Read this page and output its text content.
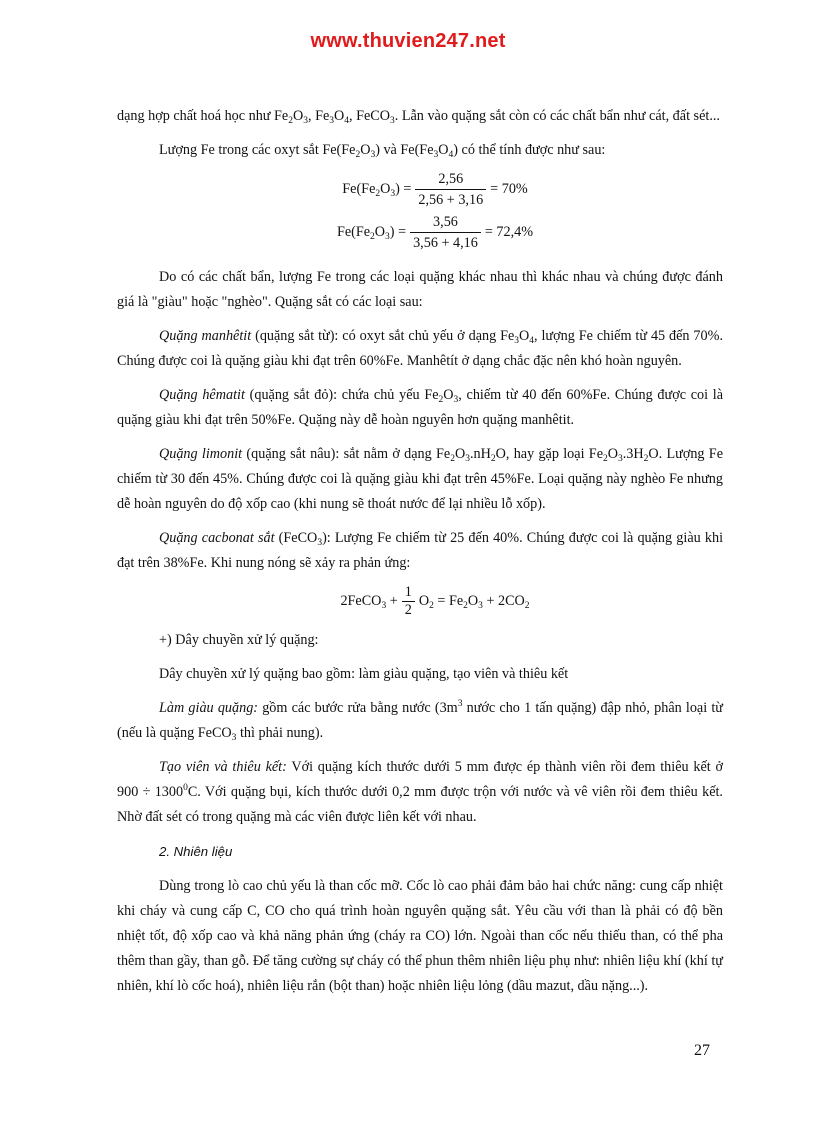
www.thuvien247.net

dạng hợp chất hoá học như $Fe_2O_3$, $Fe_3O_4$, FeCO$_3$. Lẫn vào quặng sắt còn có các chất bẩn như cát, đất sét...

Lượng Fe trong các oxyt sắt $Fe(Fe_2O_3)$ và $Fe(Fe_3O_4)$ có thể tính được như sau:

$Fe(Fe_2O_3) = \frac{2,56}{2,56 + 3,16} = 70\%$
$Fe(Fe_2O_3) = \frac{3,56}{3,56 + 4,16} = 72,4\%$

Do có các chất bẩn, lượng Fe trong các loại quặng khác nhau thì khác nhau và chúng được đánh giá là "giàu" hoặc "nghèo". Quặng sắt có các loại sau:

Quặng manhêtit (quặng sắt từ): có oxyt sắt chủ yếu ở dạng $Fe_3O_4$, lượng Fe chiếm từ 45 đến 70%. Chúng được coi là quặng giàu khi đạt trên 60%Fe. Manhêtít ở dạng chắc đặc nên khó hoàn nguyên.

Quặng hêmatit (quặng sắt đỏ): chứa chủ yếu $Fe_2O_3$, chiếm từ 40 đến 60%Fe. Chúng được coi là quặng giàu khi đạt trên 50%Fe. Quặng này dễ hoàn nguyên hơn quặng manhêtit.

Quặng limonit (quặng sắt nâu): sắt nằm ở dạng $Fe_2O_3.nH_2O$, hay gặp loại $Fe_2O_3.3H_2O$. Lượng Fe chiếm từ 30 đến 45%. Chúng được coi là quặng giàu khi đạt trên 45%Fe. Loại quặng này nghèo Fe nhưng dễ hoàn nguyên do độ xốp cao (khi nung sẽ thoát nước để lại nhiều lỗ xốp).

Quặng cacbonat sắt (FeCO$_3$): Lượng Fe chiếm từ 25 đến 40%. Chúng được coi là quặng giàu khi đạt trên 38%Fe. Khi nung nóng sẽ xảy ra phản ứng:

2FeCO$_3$ + $\frac{1}{2} O_2 = Fe_2O_3 + 2CO_2$

+) Dây chuyền xử lý quặng:

Dây chuyền xử lý quặng bao gồm: làm giàu quặng, tạo viên và thiêu kết

Làm giàu quặng: gồm các bước rửa bằng nước ($3m^3$ nước cho 1 tấn quặng) đập nhỏ, phân loại từ (nếu là quặng FeCO$_3$ thì phải nung).

Tạo viên và thiêu kết: Với quặng kích thước dưới 5 mm được ép thành viên rồi đem thiêu kết ở $900 \div 1300^0C$. Với quặng bụi, kích thước dưới 0,2 mm được trộn với nước và vê viên rồi đem thiêu kết. Nhờ đất sét có trong quặng mà các viên được liên kết với nhau.

2. Nhiên liệu

Dùng trong lò cao chủ yếu là than cốc mỡ. Cốc lò cao phải đảm bảo hai chức năng: cung cấp nhiệt khi cháy và cung cấp C, CO cho quá trình hoàn nguyên quặng sắt. Yêu cầu với than là phải có độ bền nhiệt tốt, độ xốp cao và khả năng phản ứng (cháy ra CO) lớn. Ngoài than cốc nếu thiếu than, có thể pha thêm than gầy, than gỗ. Để tăng cường sự cháy có thể phun thêm nhiên liệu phụ như: nhiên liệu khí (khí tự nhiên, khí lò cốc hoá), nhiên liệu rắn (bột than) hoặc nhiên liệu lỏng (dầu mazut, dầu nặng...).

27
